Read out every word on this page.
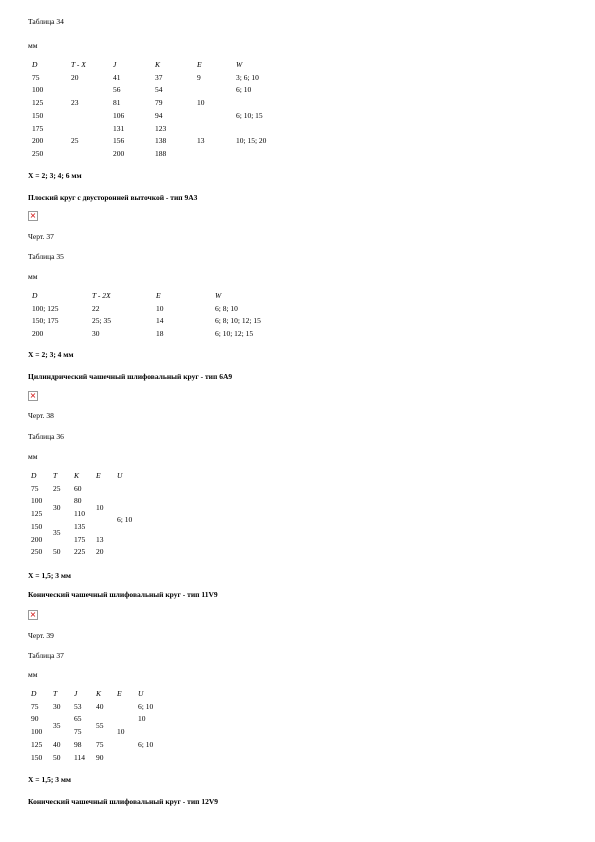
Таблица 34

мм

D	T - X	J	K	E	W
75	20	41	37	9	3; 6; 10
100		56	54		6; 10
125	23	81	79	10	
150		106	94		6; 10; 15
175		131	123		
200	25	156	138	13	10; 15; 20
250		200	188		

X = 2; 3; 4; 6 мм

Плоский круг с двусторонней выточкой - тип 9А3

×

Черт. 37

Таблица 35

мм

D	T - 2X	E	W
100; 125	22	10	6; 8; 10
150; 175	25; 35	14	6; 8; 10; 12; 15
200	30	18	6; 10; 12; 15

X = 2; 3; 4 мм

Цилиндрический чашечный шлифовальный круг - тип 6А9

×

Черт. 38

Таблица 36

мм

D	T	K	E	U
75	25	60		
100	30	80	10	6; 10
125		110		
150	35	135		
200		175	13	
250	50	225	20	

X = 1,5; 3 мм

Конический чашечный шлифовальный круг - тип 11V9

×

Черт. 39

Таблица 37

мм

D	T	J	K	E	U
75	30	53	40		6; 10
90	35	65	55		10
100		75		10	
125	40	98	75		6; 10
150	50	114	90		

X = 1,5; 3 мм

Конический чашечный шлифовальный круг - тип 12V9
